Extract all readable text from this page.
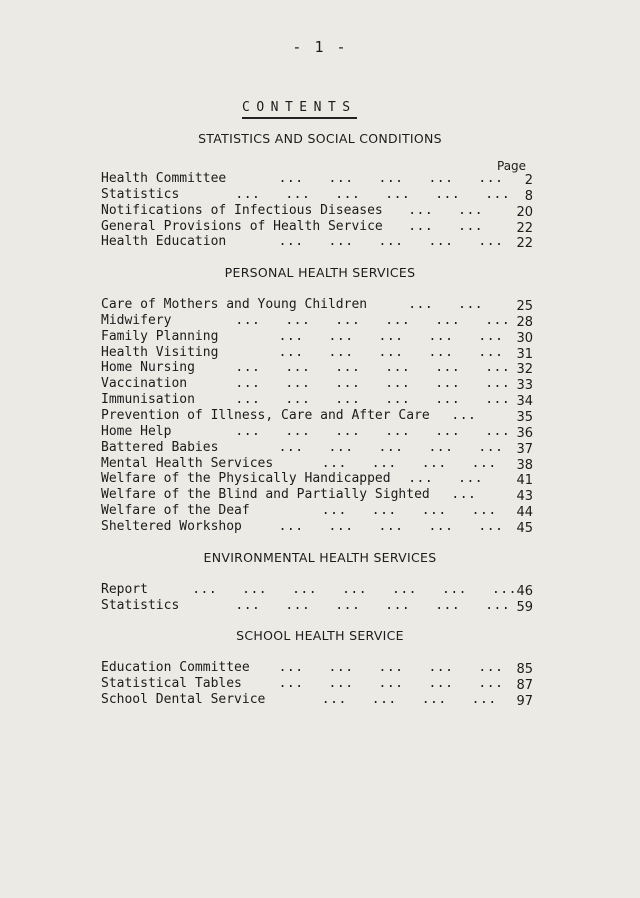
- 1 -
CONTENTS
Page
STATISTICS AND SOCIAL CONDITIONS
Health Committee	...   ...   ...   ...   ...	2
Statistics	...   ...   ...   ...   ...   ...	8
Notifications of Infectious Diseases ...   ...	20
General Provisions of Health Service ...   ...	22
Health Education	...   ...   ...   ...   ...	22
PERSONAL HEALTH SERVICES
Care of Mothers and Young Children	...   ...	25
Midwifery	...   ...   ...   ...   ...   ... 28
Family Planning	...   ...   ...   ...   ...	30
Health Visiting	...   ...   ...   ...   ...	31
Home Nursing	...   ...   ...   ...   ...   ... 32
Vaccination	...   ...   ...   ...   ...   ... 33
Immunisation	...   ...   ...   ...   ...   ... 34
Prevention of Illness, Care and After Care ...	35
Home Help	...   ...   ...   ...   ...   ... 36
Battered Babies	...   ...   ...   ...   ...	37
Mental Health Services	...   ...   ...   ...	38
Welfare of the Physically Handicapped ...   ...	41
Welfare of the Blind and Partially Sighted ...	43
Welfare of the Deaf	...   ...   ...   ...	44
Sheltered Workshop	...   ...   ...   ...   ...	45
ENVIRONMENTAL HEALTH SERVICES
Report	...   ...   ...   ...   ...   ...   ... 46
Statistics	...   ...   ...   ...   ...   ... 59
SCHOOL HEALTH SERVICE
Education Committee ...   ...   ...   ...   ...	85
Statistical Tables	...   ...   ...   ...   ...	87
School Dental Service	...   ...   ...   ...	97
